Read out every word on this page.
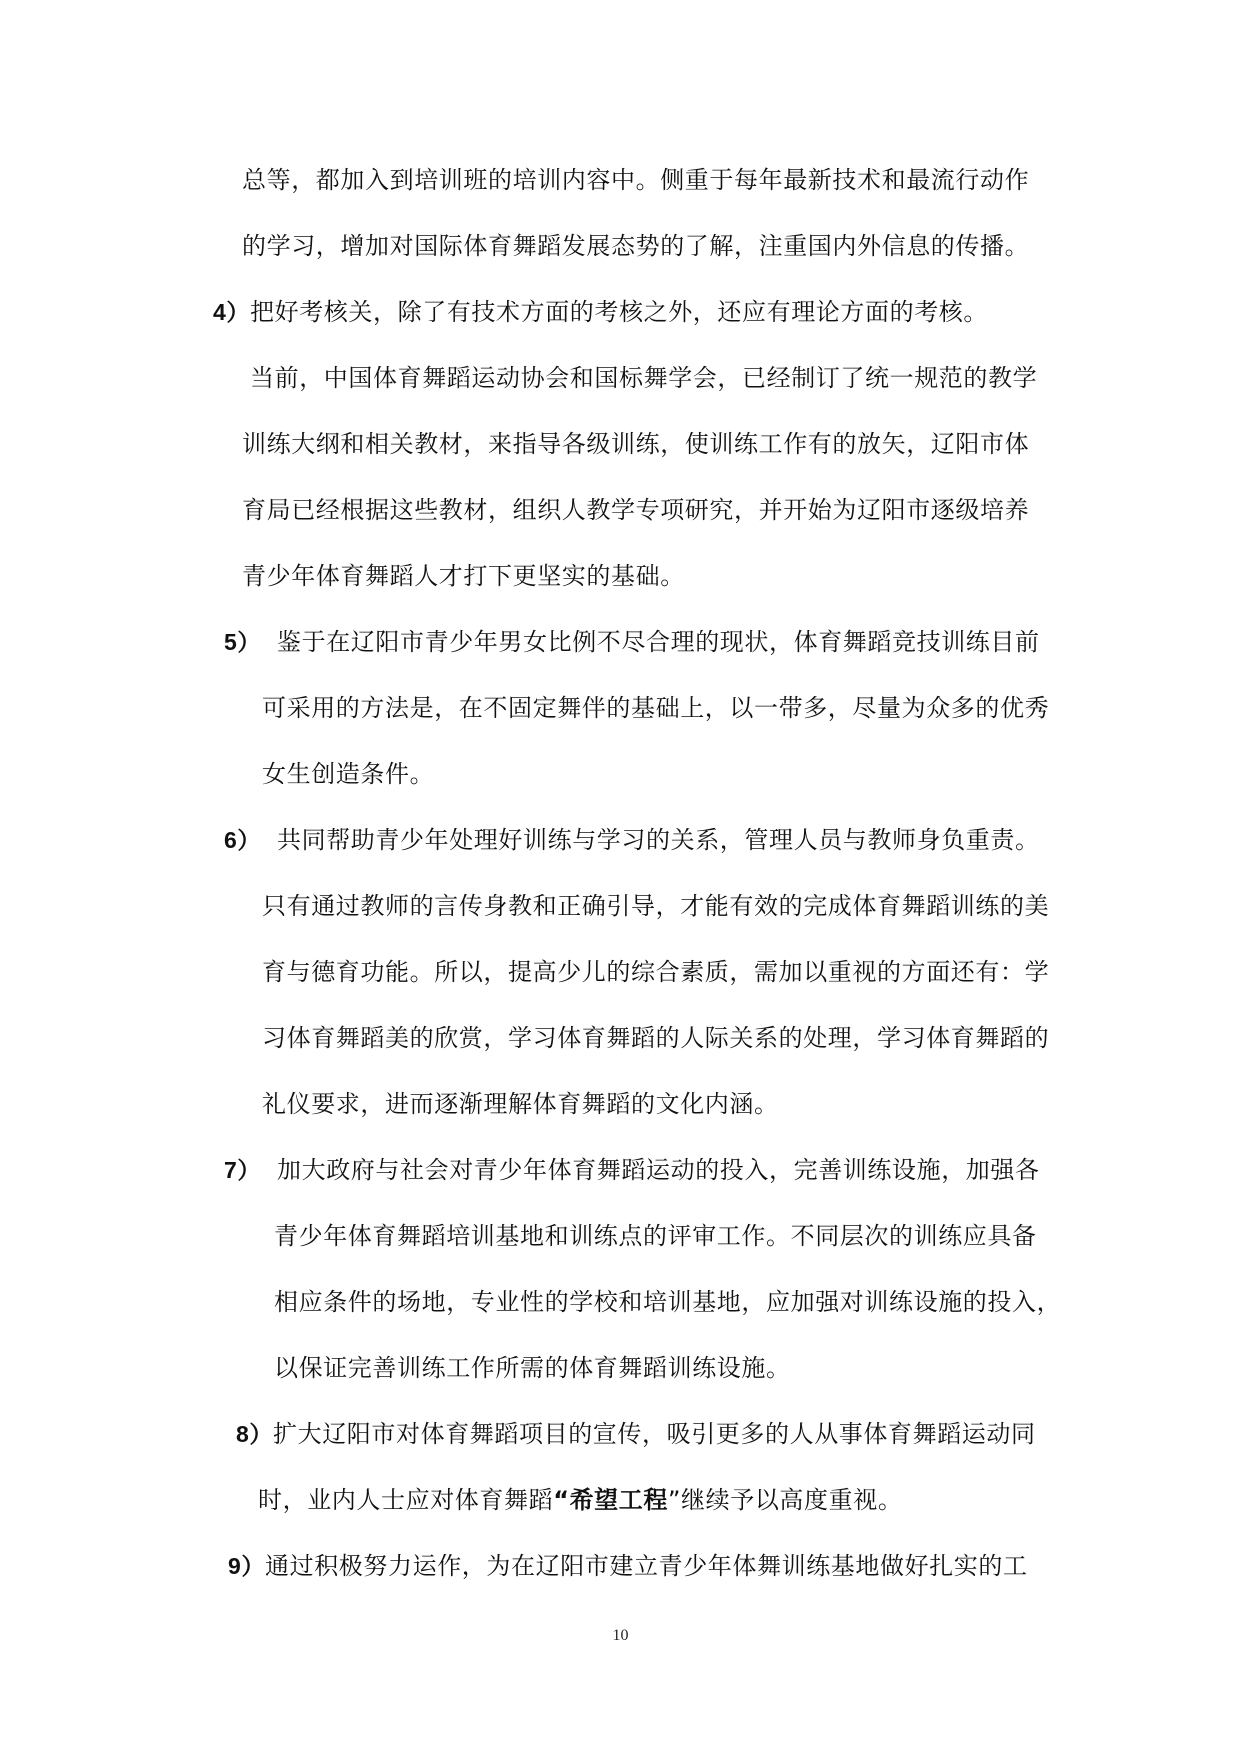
总等，都加入到培训班的培训内容中。侧重于每年最新技术和最流行动作
的学习，增加对国际体育舞蹈发展态势的了解，注重国内外信息的传播。
4）把好考核关，除了有技术方面的考核之外，还应有理论方面的考核。
当前，中国体育舞蹈运动协会和国标舞学会，已经制订了统一规范的教学
训练大纲和相关教材，来指导各级训练，使训练工作有的放矢，辽阳市体
育局已经根据这些教材，组织人教学专项研究，并开始为辽阳市逐级培养
青少年体育舞蹈人才打下更坚实的基础。
5） 鉴于在辽阳市青少年男女比例不尽合理的现状，体育舞蹈竞技训练目前
可采用的方法是，在不固定舞伴的基础上，以一带多，尽量为众多的优秀
女生创造条件。
6） 共同帮助青少年处理好训练与学习的关系，管理人员与教师身负重责。
只有通过教师的言传身教和正确引导，才能有效的完成体育舞蹈训练的美
育与德育功能。所以，提高少儿的综合素质，需加以重视的方面还有：学
习体育舞蹈美的欣赏，学习体育舞蹈的人际关系的处理，学习体育舞蹈的
礼仪要求，进而逐渐理解体育舞蹈的文化内涵。
7） 加大政府与社会对青少年体育舞蹈运动的投入，完善训练设施，加强各
青少年体育舞蹈培训基地和训练点的评审工作。不同层次的训练应具备
相应条件的场地，专业性的学校和培训基地，应加强对训练设施的投入，
以保证完善训练工作所需的体育舞蹈训练设施。
8）扩大辽阳市对体育舞蹈项目的宣传，吸引更多的人从事体育舞蹈运动同
时，业内人士应对体育舞蹈“希望工程”继续予以高度重视。
9）通过积极努力运作，为在辽阳市建立青少年体舞训练基地做好扎实的工
10
